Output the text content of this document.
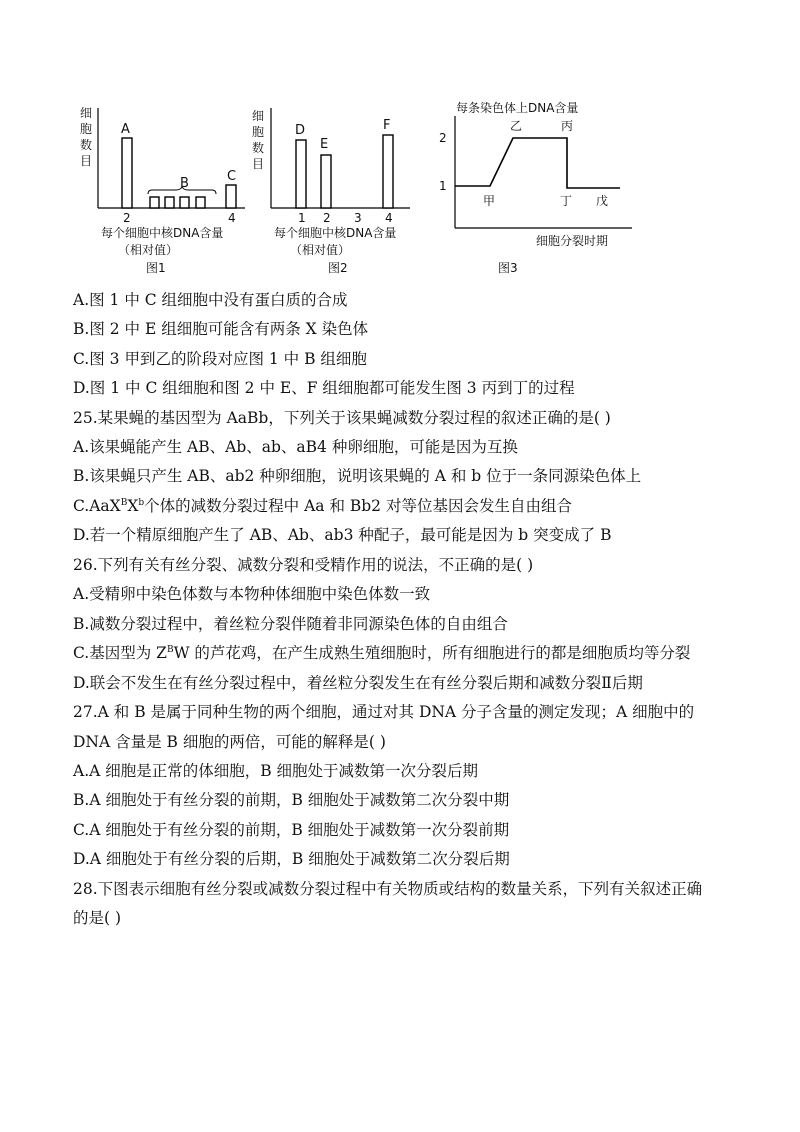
细
胞
数
目
A
B	C
2	4
每个细胞中核DNA含量
（相对值）
图1
细
胞
数
目
D
E
F
1 2 3 4
每个细胞中核DNA含量
（相对值）
图2
每条染色体上DNA含量
2
1
甲
乙	丙
丁 戊
细胞分裂时期
图3
A.图 1 中 C 组细胞中没有蛋白质的合成
B.图 2 中 E 组细胞可能含有两条 X 染色体
C.图 3 甲到乙的阶段对应图 1 中 B 组细胞
D.图 1 中 C 组细胞和图 2 中 E、F 组细胞都可能发生图 3 丙到丁的过程
25.某果蝇的基因型为 AaBb，下列关于该果蝇减数分裂过程的叙述正确的是( )
A.该果蝇能产生 AB、Ab、ab、aB4 种卵细胞，可能是因为互换
B.该果蝇只产生 AB、ab2 种卵细胞，说明该果蝇的 A 和 b 位于一条同源染色体上
$C.AaX^BX^b$个体的减数分裂过程中 Aa 和 Bb2 对等位基因会发生自由组合
D.若一个精原细胞产生了 AB、Ab、ab3 种配子，最可能是因为 b 突变成了 B
26.下列有关有丝分裂、减数分裂和受精作用的说法，不正确的是( )
A.受精卵中染色体数与本物种体细胞中染色体数一致
B.减数分裂过程中，着丝粒分裂伴随着非同源染色体的自由组合
C.基因型为 $Z^BW$ 的芦花鸡，在产生成熟生殖细胞时，所有细胞进行的都是细胞质均等分裂
D.联会不发生在有丝分裂过程中，着丝粒分裂发生在有丝分裂后期和减数分裂Ⅱ后期
27.A 和 B 是属于同种生物的两个细胞，通过对其 DNA 分子含量的测定发现；A 细胞中的
DNA 含量是 B 细胞的两倍，可能的解释是( )
A.A 细胞是正常的体细胞，B 细胞处于减数第一次分裂后期
B.A 细胞处于有丝分裂的前期，B 细胞处于减数第二次分裂中期
C.A 细胞处于有丝分裂的前期，B 细胞处于减数第一次分裂前期
D.A 细胞处于有丝分裂的后期，B 细胞处于减数第二次分裂后期
28.下图表示细胞有丝分裂或减数分裂过程中有关物质或结构的数量关系，下列有关叙述正确
的是( )
